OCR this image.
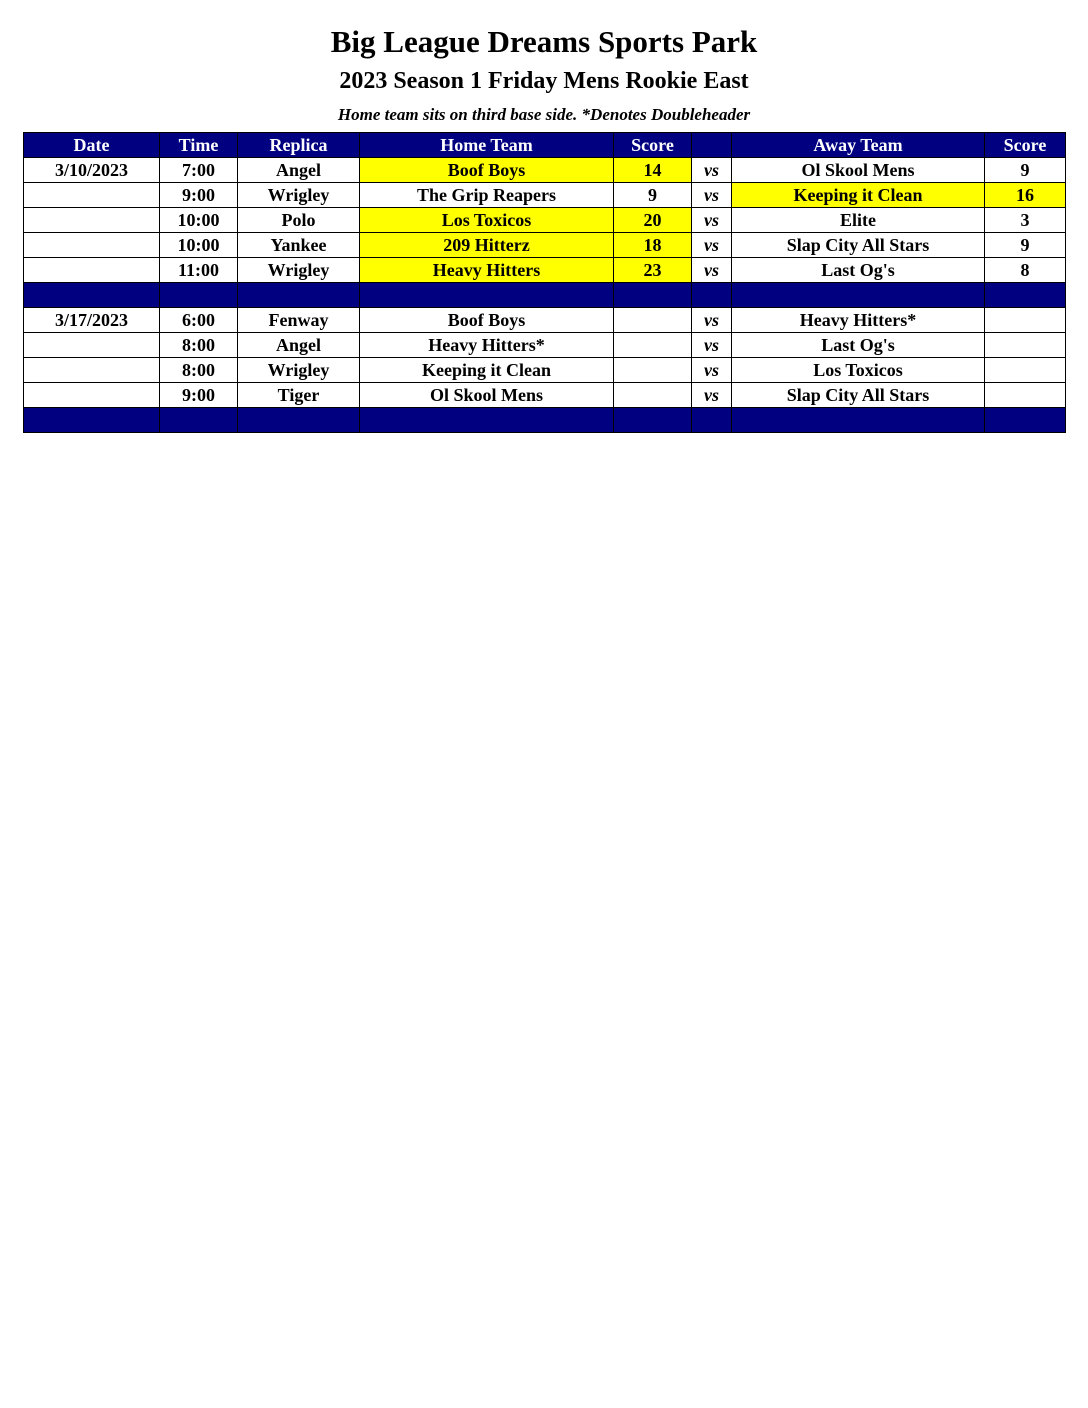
Big League Dreams Sports Park
2023 Season 1 Friday Mens Rookie East
Home team sits on third base side. *Denotes Doubleheader
Date	Time	Replica	Home Team	Score		Away Team	Score
3/10/2023	7:00	Angel	Boof Boys	14	vs	Ol Skool Mens	9
	9:00	Wrigley	The Grip Reapers	9	vs	Keeping it Clean	16
	10:00	Polo	Los Toxicos	20	vs	Elite	3
	10:00	Yankee	209 Hitterz	18	vs	Slap City All Stars	9
	11:00	Wrigley	Heavy Hitters	23	vs	Last Og's	8

3/17/2023	6:00	Fenway	Boof Boys		vs	Heavy Hitters*	
	8:00	Angel	Heavy Hitters*		vs	Last Og's	
	8:00	Wrigley	Keeping it Clean		vs	Los Toxicos	
	9:00	Tiger	Ol Skool Mens		vs	Slap City All Stars	
